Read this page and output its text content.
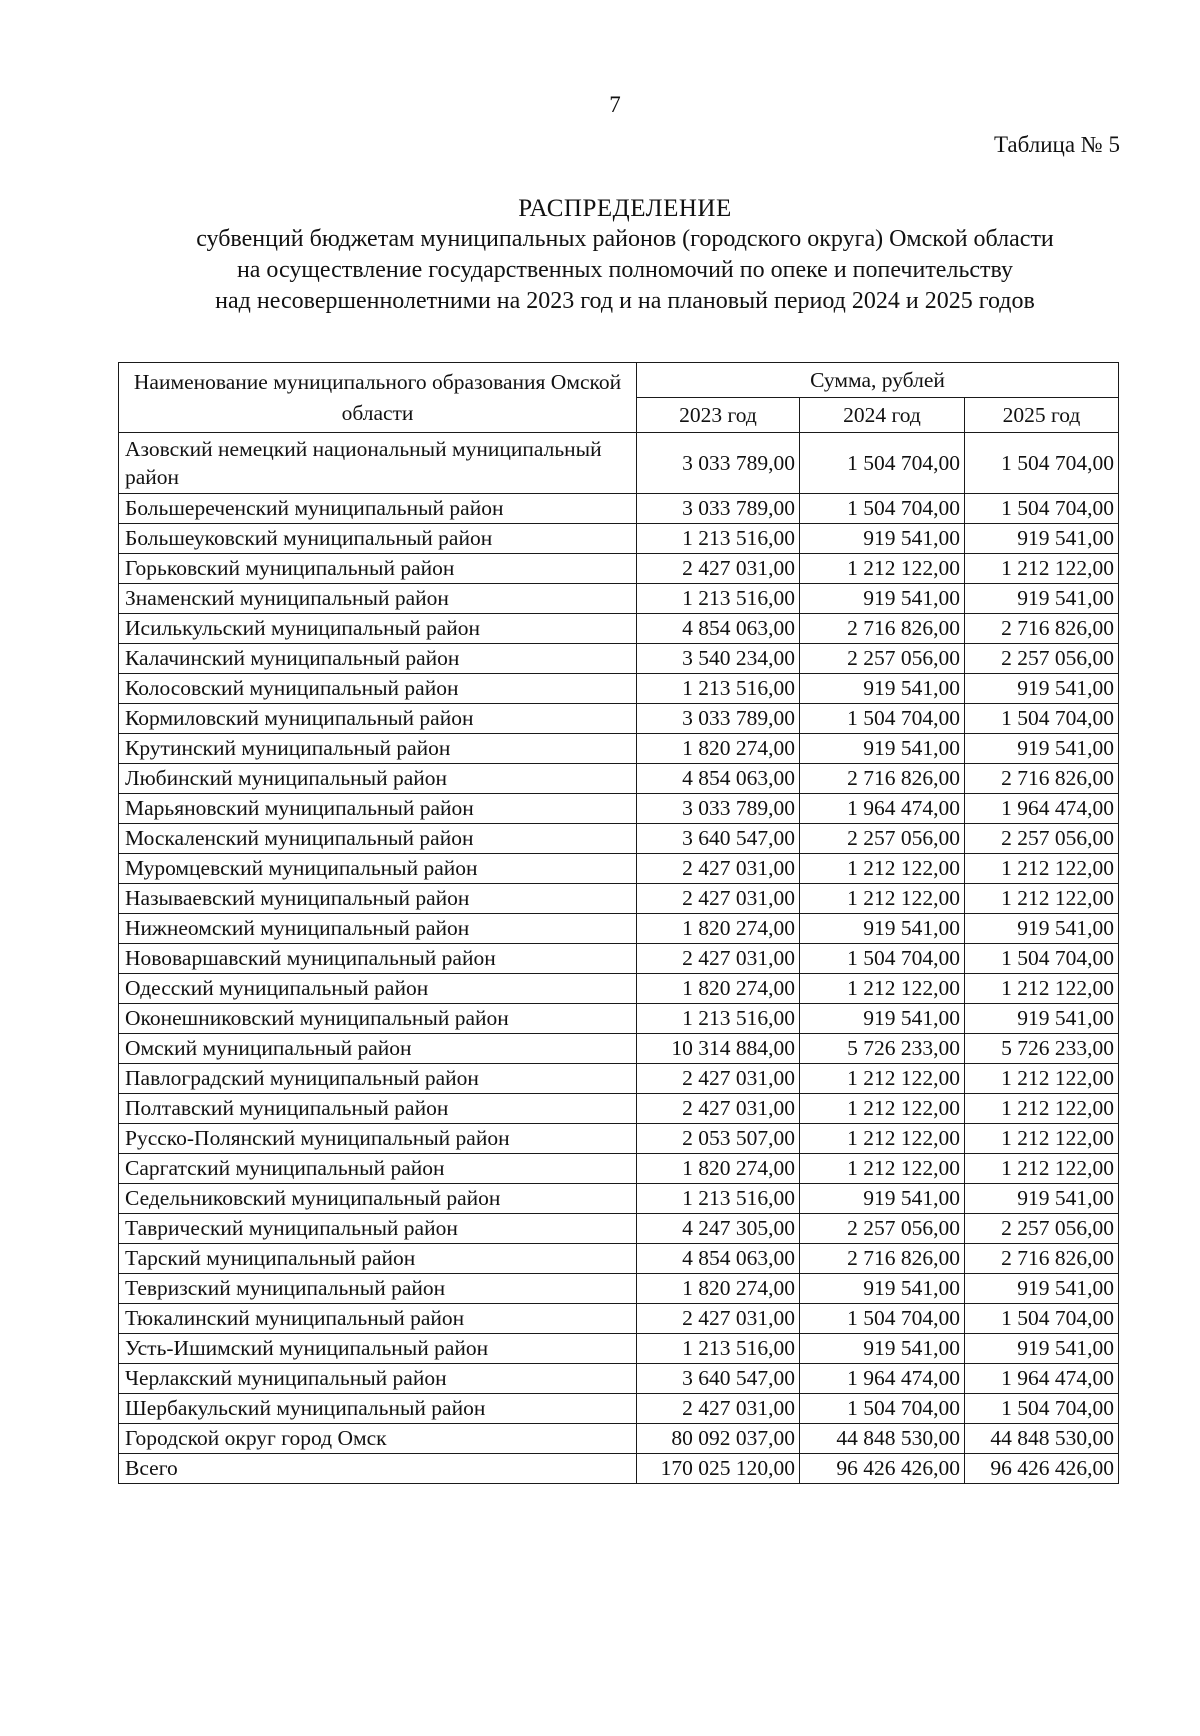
7
Таблица № 5
РАСПРЕДЕЛЕНИЕ
субвенций бюджетам муниципальных районов (городского округа) Омской области
на осуществление государственных полномочий по опеке и попечительству
над несовершеннолетними на 2023 год и на плановый период 2024 и 2025 годов
Наименование муниципального образования Омской области	Сумма, рублей		
	2023 год	2024 год	2025 год
Азовский немецкий национальный муниципальный район	3 033 789,00	1 504 704,00	1 504 704,00
Большереченский муниципальный район	3 033 789,00	1 504 704,00	1 504 704,00
Большеуковский муниципальный район	1 213 516,00	919 541,00	919 541,00
Горьковский муниципальный район	2 427 031,00	1 212 122,00	1 212 122,00
Знаменский муниципальный район	1 213 516,00	919 541,00	919 541,00
Исилькульский муниципальный район	4 854 063,00	2 716 826,00	2 716 826,00
Калачинский муниципальный район	3 540 234,00	2 257 056,00	2 257 056,00
Колосовский муниципальный район	1 213 516,00	919 541,00	919 541,00
Кормиловский муниципальный район	3 033 789,00	1 504 704,00	1 504 704,00
Крутинский муниципальный район	1 820 274,00	919 541,00	919 541,00
Любинский муниципальный район	4 854 063,00	2 716 826,00	2 716 826,00
Марьяновский муниципальный район	3 033 789,00	1 964 474,00	1 964 474,00
Москаленский муниципальный район	3 640 547,00	2 257 056,00	2 257 056,00
Муромцевский муниципальный район	2 427 031,00	1 212 122,00	1 212 122,00
Называевский муниципальный район	2 427 031,00	1 212 122,00	1 212 122,00
Нижнеомский муниципальный район	1 820 274,00	919 541,00	919 541,00
Нововаршавский муниципальный район	2 427 031,00	1 504 704,00	1 504 704,00
Одесский муниципальный район	1 820 274,00	1 212 122,00	1 212 122,00
Оконешниковский муниципальный район	1 213 516,00	919 541,00	919 541,00
Омский муниципальный район	10 314 884,00	5 726 233,00	5 726 233,00
Павлоградский муниципальный район	2 427 031,00	1 212 122,00	1 212 122,00
Полтавский муниципальный район	2 427 031,00	1 212 122,00	1 212 122,00
Русско-Полянский муниципальный район	2 053 507,00	1 212 122,00	1 212 122,00
Саргатский муниципальный район	1 820 274,00	1 212 122,00	1 212 122,00
Седельниковский муниципальный район	1 213 516,00	919 541,00	919 541,00
Таврический муниципальный район	4 247 305,00	2 257 056,00	2 257 056,00
Тарский муниципальный район	4 854 063,00	2 716 826,00	2 716 826,00
Тевризский муниципальный район	1 820 274,00	919 541,00	919 541,00
Тюкалинский муниципальный район	2 427 031,00	1 504 704,00	1 504 704,00
Усть-Ишимский муниципальный район	1 213 516,00	919 541,00	919 541,00
Черлакский муниципальный район	3 640 547,00	1 964 474,00	1 964 474,00
Шербакульский муниципальный район	2 427 031,00	1 504 704,00	1 504 704,00
Городской округ город Омск	80 092 037,00	44 848 530,00	44 848 530,00
Всего	170 025 120,00	96 426 426,00	96 426 426,00
